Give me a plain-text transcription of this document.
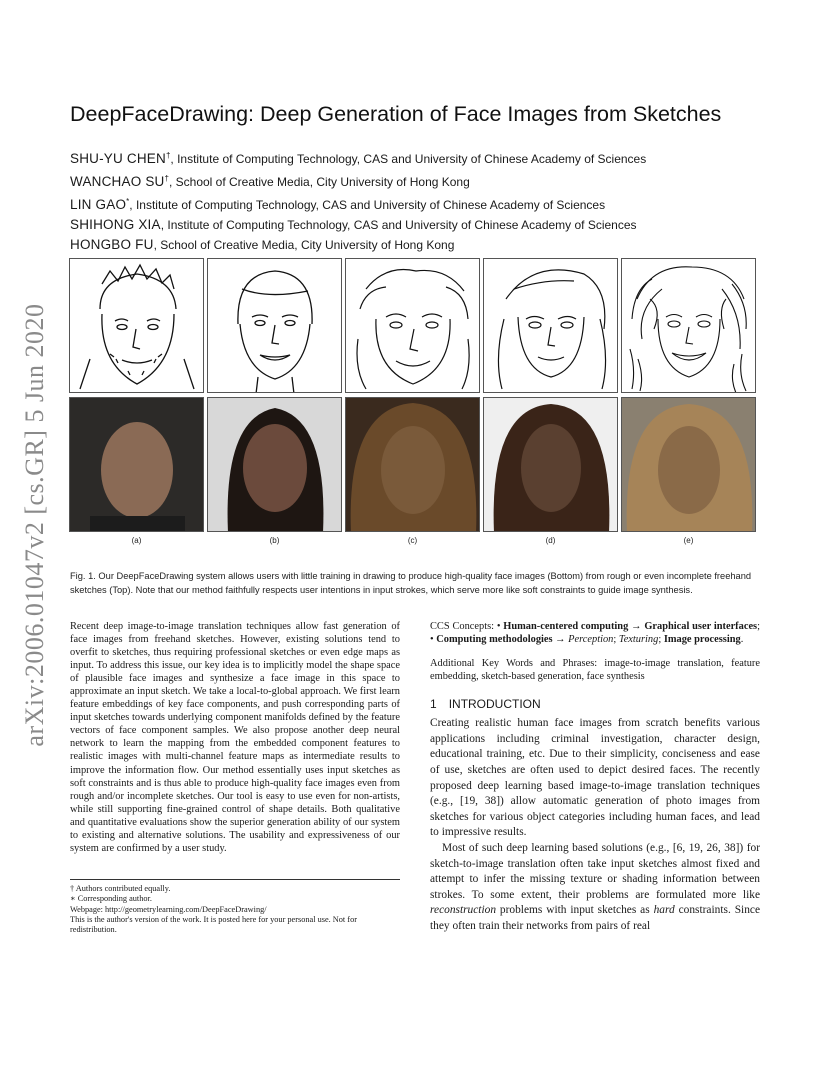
arXiv:2006.01047v2 [cs.GR] 5 Jun 2020
DeepFaceDrawing: Deep Generation of Face Images from Sketches
SHU-YU CHEN†, Institute of Computing Technology, CAS and University of Chinese Academy of Sciences
WANCHAO SU†, School of Creative Media, City University of Hong Kong
LIN GAO*, Institute of Computing Technology, CAS and University of Chinese Academy of Sciences
SHIHONG XIA, Institute of Computing Technology, CAS and University of Chinese Academy of Sciences
HONGBO FU, School of Creative Media, City University of Hong Kong
(a)	(b)	(c)	(d)	(e)
Fig. 1. Our DeepFaceDrawing system allows users with little training in drawing to produce high-quality face images (Bottom) from rough or even incomplete freehand sketches (Top). Note that our method faithfully respects user intentions in input strokes, which serve more like soft constraints to guide image synthesis.
Recent deep image-to-image translation techniques allow fast generation of face images from freehand sketches. However, existing solutions tend to overfit to sketches, thus requiring professional sketches or even edge maps as input. To address this issue, our key idea is to implicitly model the shape space of plausible face images and synthesize a face image in this space to approximate an input sketch. We take a local-to-global approach. We first learn feature embeddings of key face components, and push corresponding parts of input sketches towards underlying component manifolds defined by the feature vectors of face component samples. We also propose another deep neural network to learn the mapping from the embedded component features to realistic images with multi-channel feature maps as intermediate results to improve the information flow. Our method essentially uses input sketches as soft constraints and is thus able to produce high-quality face images even from rough and/or incomplete sketches. Our tool is easy to use even for non-artists, while still supporting fine-grained control of shape details. Both qualitative and quantitative evaluations show the superior generation ability of our system to existing and alternative solutions. The usability and expressiveness of our system are confirmed by a user study.
CCS Concepts: • Human-centered computing → Graphical user interfaces; • Computing methodologies → Perception; Texturing; Image processing.
Additional Key Words and Phrases: image-to-image translation, feature embedding, sketch-based generation, face synthesis
1 INTRODUCTION

Creating realistic human face images from scratch benefits various applications including criminal investigation, character design, educational training, etc. Due to their simplicity, conciseness and ease of use, sketches are often used to depict desired faces. The recently proposed deep learning based image-to-image translation techniques (e.g., [19, 38]) allow automatic generation of photo images from sketches for various object categories including human faces, and lead to impressive results.

Most of such deep learning based solutions (e.g., [6, 19, 26, 38]) for sketch-to-image translation often take input sketches almost fixed and attempt to infer the missing texture or shading information between strokes. To some extent, their problems are formulated more like reconstruction problems with input sketches as hard constraints. Since they often train their networks from pairs of real

† Authors contributed equally.
∗ Corresponding author.
Webpage: http://geometrylearning.com/DeepFaceDrawing/
This is the author's version of the work. It is posted here for your personal use. Not for redistribution.
